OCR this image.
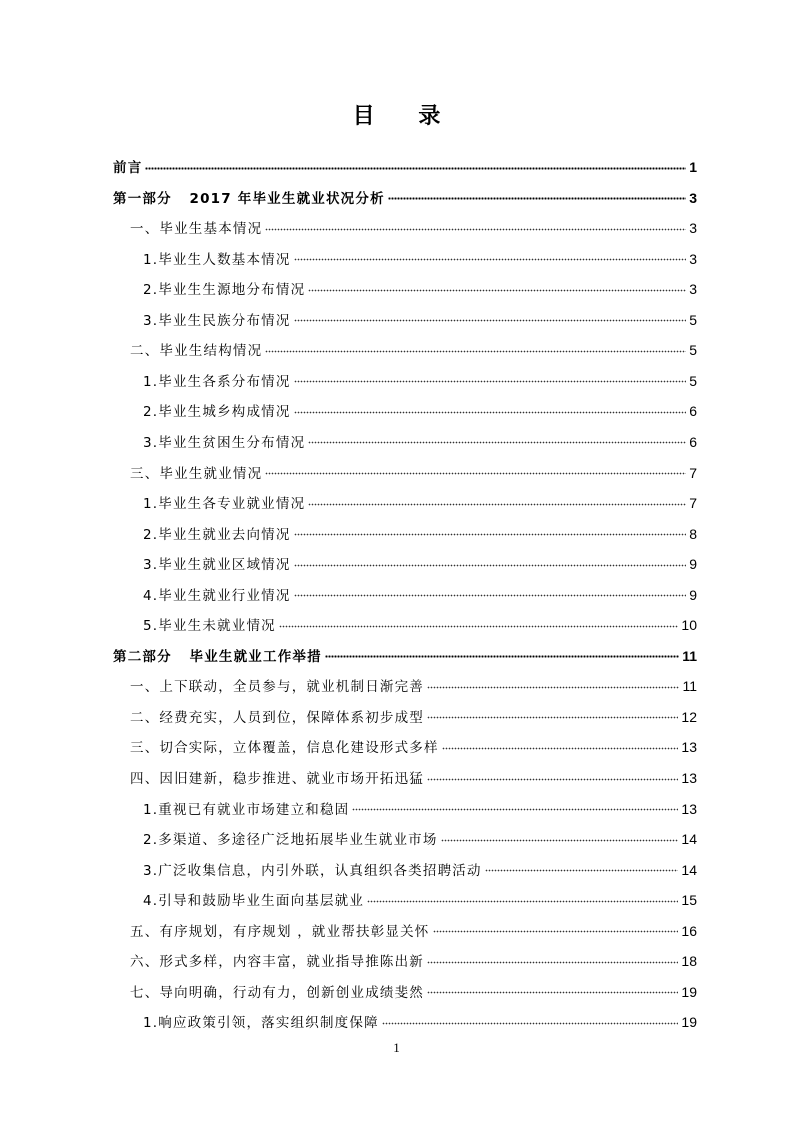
目 录
前言	1
第一部分   2017 年毕业生就业状况分析	3
一、毕业生基本情况	3
1.毕业生人数基本情况	3
2.毕业生生源地分布情况	3
3.毕业生民族分布情况	5
二、毕业生结构情况	5
1.毕业生各系分布情况	5
2.毕业生城乡构成情况	6
3.毕业生贫困生分布情况	6
三、毕业生就业情况	7
1.毕业生各专业就业情况	7
2.毕业生就业去向情况	8
3.毕业生就业区域情况	9
4.毕业生就业行业情况	9
5.毕业生未就业情况	10
第二部分   毕业生就业工作举措	11
一、上下联动，全员参与，就业机制日渐完善	11
二、经费充实，人员到位，保障体系初步成型	12
三、切合实际，立体覆盖，信息化建设形式多样	13
四、因旧建新，稳步推进、就业市场开拓迅猛	13
1.重视已有就业市场建立和稳固	13
2.多渠道、多途径广泛地拓展毕业生就业市场	14
3.广泛收集信息，内引外联，认真组织各类招聘活动	14
4.引导和鼓励毕业生面向基层就业	15
五、有序规划，有序规划 ，就业帮扶彰显关怀	16
六、形式多样，内容丰富，就业指导推陈出新	18
七、导向明确，行动有力，创新创业成绩斐然	19
1.响应政策引领，落实组织制度保障	19
1
